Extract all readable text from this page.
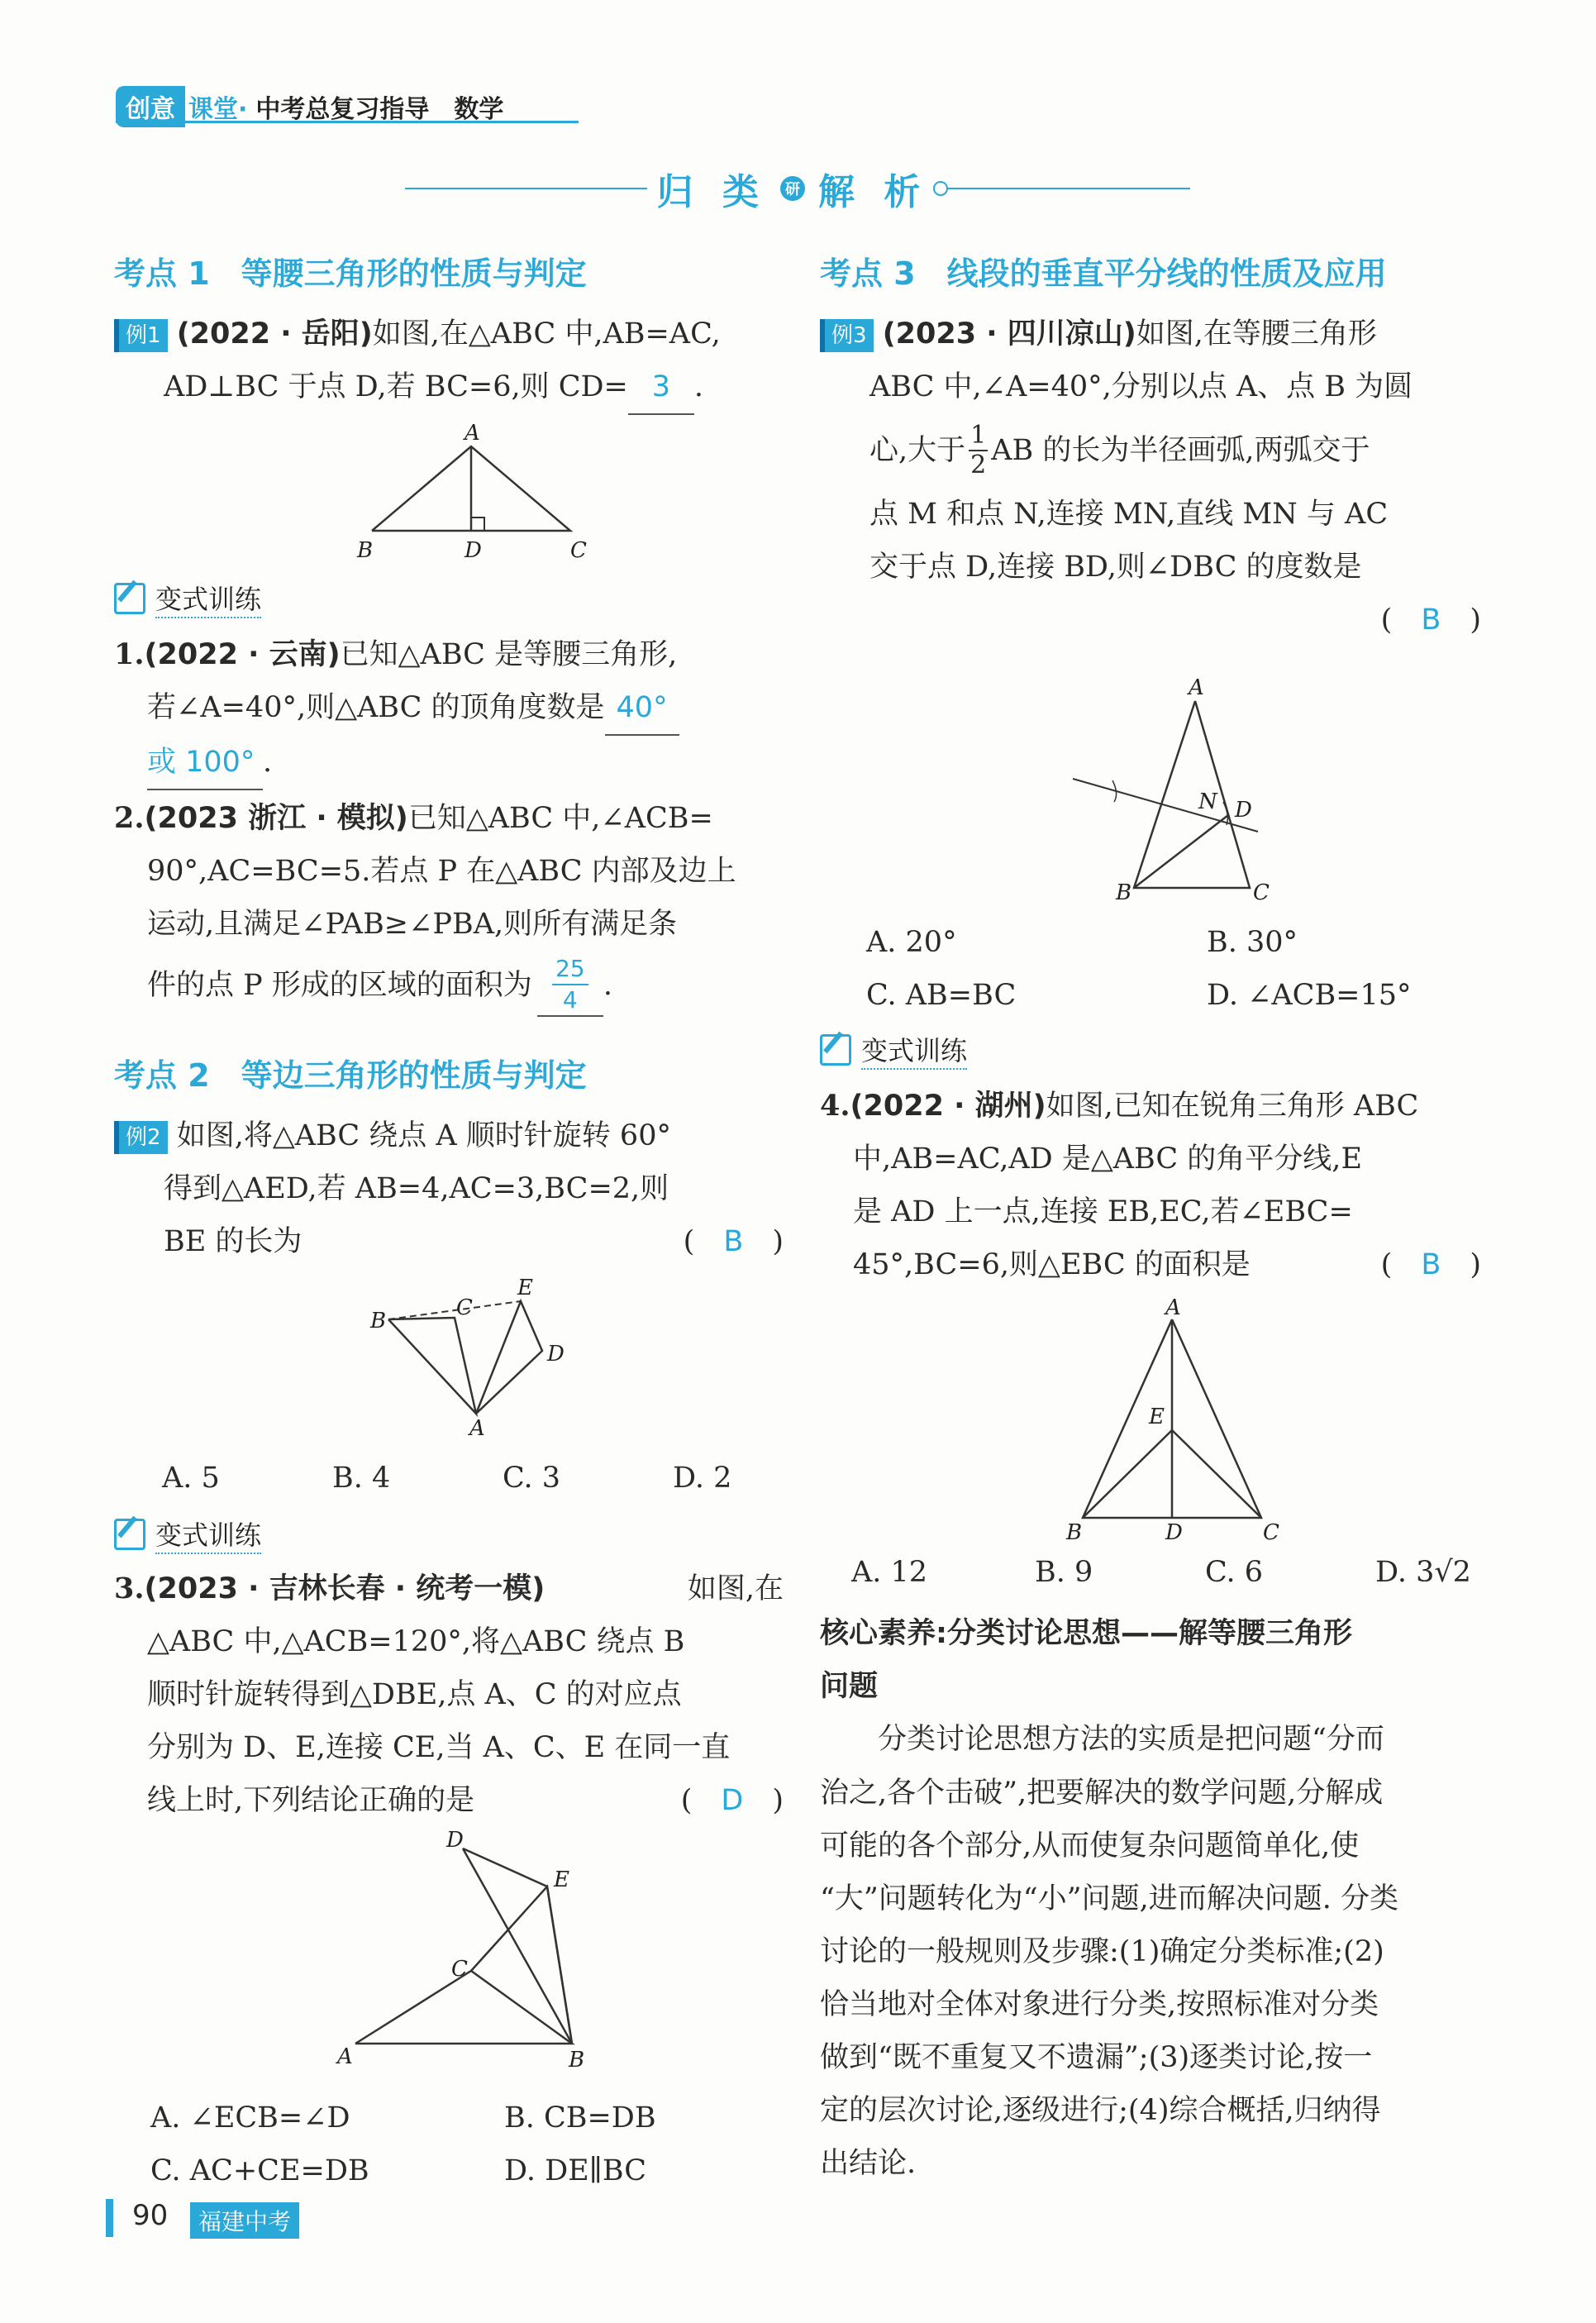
创意 课堂· 中考总复习指导 数学
归 类	研 解 析
考点 1　等腰三角形的性质与判定
例1 (2022 · 岳阳)如图,在△ABC 中,AB=AC,
AD⊥BC 于点 D,若 BC=6,则 CD= 3 .
A
B	D	C
变式训练
1.(2022 · 云南)已知△ABC 是等腰三角形,
若∠A=40°,则△ABC 的顶角度数是 40°
或 100° .
2.(2023 浙江 · 模拟)已知△ABC 中,∠ACB=
90°,AC=BC=5.若点 P 在△ABC 内部及边上
运动,且满足∠PAB≥∠PBA,则所有满足条
件的点 P 形成的区域的面积为 $\frac{25}{4}$ .
考点 2　等边三角形的性质与判定
例2 如图,将△ABC 绕点 A 顺时针旋转 60°
得到△AED,若 AB=4,AC=3,BC=2,则
BE 的长为	(　 B　 )
B
C
E
D
A
A. 5	B. 4	C. 3	D. 2
变式训练
3.(2023 · 吉林长春 · 统考一模)	如图,在
△ABC 中,△ACB=120°,将△ABC 绕点 B
顺时针旋转得到△DBE,点 A、C 的对应点
分别为 D、E,连接 CE,当 A、C、E 在同一直
线上时,下列结论正确的是	(　 D　 )
D
E
C
A	B
A. ∠ECB=∠D	B. CB=DB
C. AC+CE=DB	D. DE∥BC
考点 3　线段的垂直平分线的性质及应用
例3 (2023 · 四川凉山)如图,在等腰三角形
ABC 中,∠A=40°,分别以点 A、点 B 为圆
心,大于 $\frac{1}{2}$ AB 的长为半径画弧,两弧交于
点 M 和点 N,连接 MN,直线 MN 与 AC
交于点 D,连接 BD,则∠DBC 的度数是
(　 B　 )
A
N D
B	C
A. 20°	B. 30°
C. AB=BC	D. ∠ACB=15°
变式训练
4.(2022 · 湖州)如图,已知在锐角三角形 ABC
中,AB=AC,AD 是△ABC 的角平分线,E
是 AD 上一点,连接 EB,EC,若∠EBC=
45°,BC=6,则△EBC 的面积是	(　 B　 )
A
E
B	D	C
A. 12	B. 9	C. 6	D. 3√2
核心素养:分类讨论思想——解等腰三角形
问题
分类讨论思想方法的实质是把问题“分而
治之,各个击破”,把要解决的数学问题,分解成
可能的各个部分,从而使复杂问题简单化,使
“大”问题转化为“小”问题,进而解决问题. 分类
讨论的一般规则及步骤:(1)确定分类标准;(2)
恰当地对全体对象进行分类,按照标准对分类
做到“既不重复又不遗漏”;(3)逐类讨论,按一
定的层次讨论,逐级进行;(4)综合概括,归纳得
出结论.
90	福建中考
